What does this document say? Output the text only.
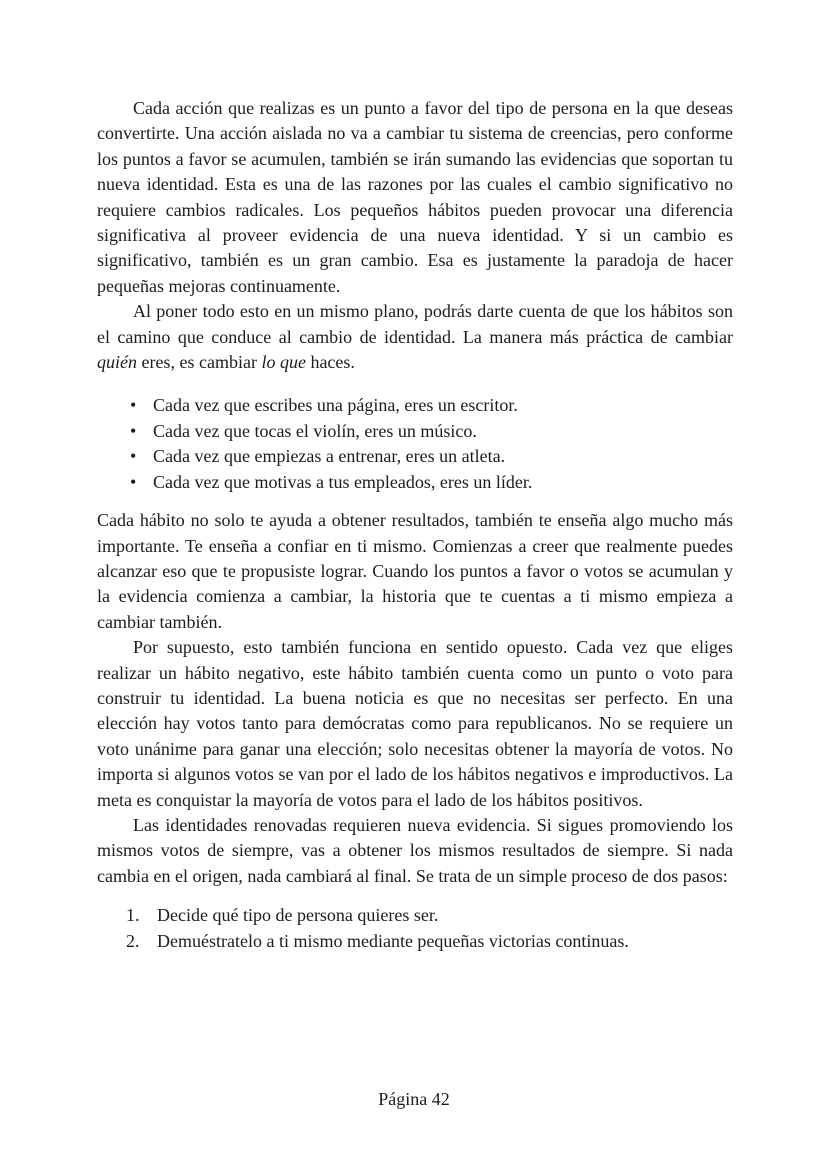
Cada acción que realizas es un punto a favor del tipo de persona en la que deseas convertirte. Una acción aislada no va a cambiar tu sistema de creencias, pero conforme los puntos a favor se acumulen, también se irán sumando las evidencias que soportan tu nueva identidad. Esta es una de las razones por las cuales el cambio significativo no requiere cambios radicales. Los pequeños hábitos pueden provocar una diferencia significativa al proveer evidencia de una nueva identidad. Y si un cambio es significativo, también es un gran cambio. Esa es justamente la paradoja de hacer pequeñas mejoras continuamente.

Al poner todo esto en un mismo plano, podrás darte cuenta de que los hábitos son el camino que conduce al cambio de identidad. La manera más práctica de cambiar quién eres, es cambiar lo que haces.

• Cada vez que escribes una página, eres un escritor.
• Cada vez que tocas el violín, eres un músico.
• Cada vez que empiezas a entrenar, eres un atleta.
• Cada vez que motivas a tus empleados, eres un líder.

Cada hábito no solo te ayuda a obtener resultados, también te enseña algo mucho más importante. Te enseña a confiar en ti mismo. Comienzas a creer que realmente puedes alcanzar eso que te propusiste lograr. Cuando los puntos a favor o votos se acumulan y la evidencia comienza a cambiar, la historia que te cuentas a ti mismo empieza a cambiar también.

Por supuesto, esto también funciona en sentido opuesto. Cada vez que eliges realizar un hábito negativo, este hábito también cuenta como un punto o voto para construir tu identidad. La buena noticia es que no necesitas ser perfecto. En una elección hay votos tanto para demócratas como para republicanos. No se requiere un voto unánime para ganar una elección; solo necesitas obtener la mayoría de votos. No importa si algunos votos se van por el lado de los hábitos negativos e improductivos. La meta es conquistar la mayoría de votos para el lado de los hábitos positivos.

Las identidades renovadas requieren nueva evidencia. Si sigues promoviendo los mismos votos de siempre, vas a obtener los mismos resultados de siempre. Si nada cambia en el origen, nada cambiará al final. Se trata de un simple proceso de dos pasos:

1. Decide qué tipo de persona quieres ser.
2. Demuéstratelo a ti mismo mediante pequeñas victorias continuas.
Página 42
